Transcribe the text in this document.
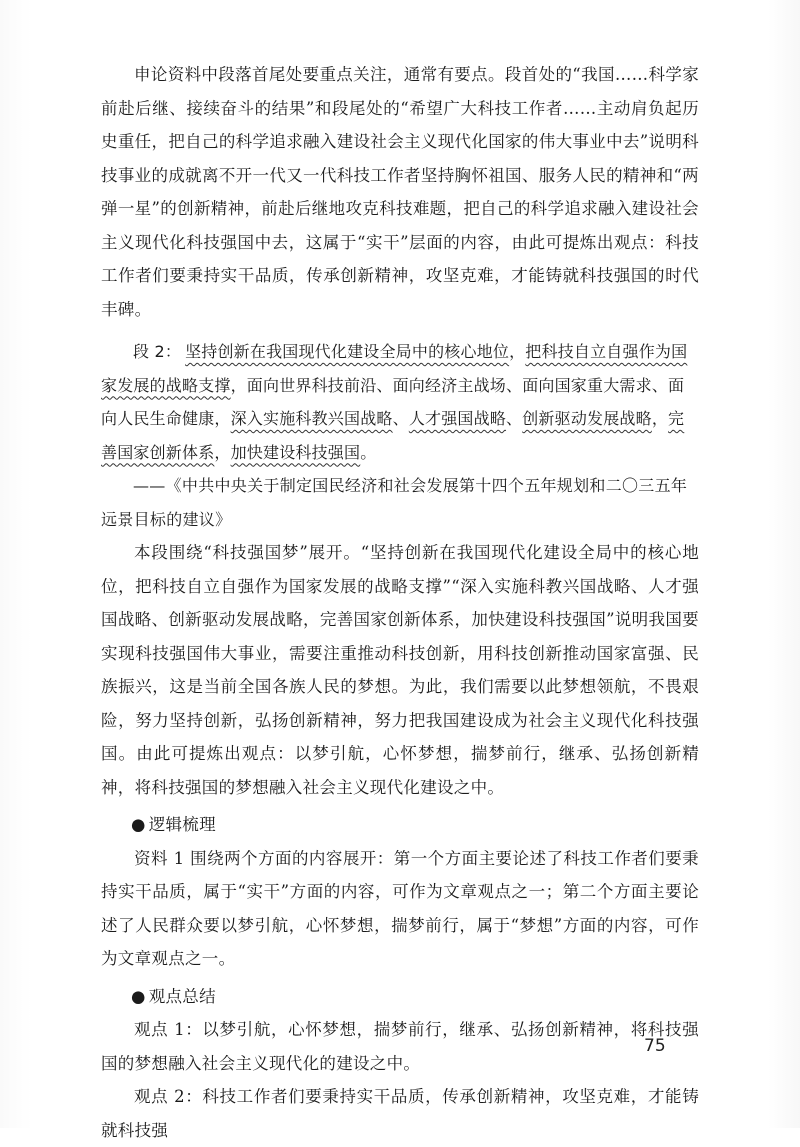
申论资料中段落首尾处要重点关注，通常有要点。段首处的“我国……科学家前赴后继、接续奋斗的结果”和段尾处的“希望广大科技工作者……主动肩负起历史重任，把自己的科学追求融入建设社会主义现代化国家的伟大事业中去”说明科技事业的成就离不开一代又一代科技工作者坚持胸怀祖国、服务人民的精神和“两弹一星”的创新精神，前赴后继地攻克科技难题，把自己的科学追求融入建设社会主义现代化科技强国中去，这属于“实干”层面的内容，由此可提炼出观点：科技工作者们要秉持实干品质，传承创新精神，攻坚克难，才能铸就科技强国的时代丰碑。

段 2： 坚持创新在我国现代化建设全局中的核心地位，把科技自立自强作为国家发展的战略支撑，面向世界科技前沿、面向经济主战场、面向国家重大需求、面向人民生命健康，深入实施科教兴国战略、人才强国战略、创新驱动发展战略，完善国家创新体系，加快建设科技强国。

——《中共中央关于制定国民经济和社会发展第十四个五年规划和二〇三五年远景目标的建议》

本段围绕“科技强国梦”展开。“坚持创新在我国现代化建设全局中的核心地位，把科技自立自强作为国家发展的战略支撑”“深入实施科教兴国战略、人才强国战略、创新驱动发展战略，完善国家创新体系，加快建设科技强国”说明我国要实现科技强国伟大事业，需要注重推动科技创新，用科技创新推动国家富强、民族振兴，这是当前全国各族人民的梦想。为此，我们需要以此梦想领航，不畏艰险，努力坚持创新，弘扬创新精神，努力把我国建设成为社会主义现代化科技强国。由此可提炼出观点：以梦引航，心怀梦想，揣梦前行，继承、弘扬创新精神，将科技强国的梦想融入社会主义现代化建设之中。

● 逻辑梳理

资料 1 围绕两个方面的内容展开：第一个方面主要论述了科技工作者们要秉持实干品质，属于“实干”方面的内容，可作为文章观点之一；第二个方面主要论述了人民群众要以梦引航，心怀梦想，揣梦前行，属于“梦想”方面的内容，可作为文章观点之一。

● 观点总结

观点 1：以梦引航，心怀梦想，揣梦前行，继承、弘扬创新精神，将科技强国的梦想融入社会主义现代化的建设之中。

观点 2：科技工作者们要秉持实干品质，传承创新精神，攻坚克难，才能铸就科技强

75
